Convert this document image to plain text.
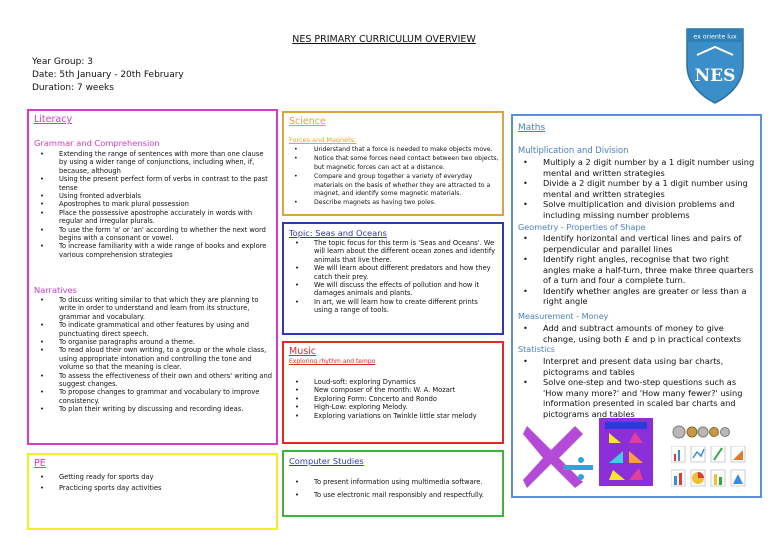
NES PRIMARY CURRICULUM OVERVIEW
Year Group: 3
Date: 5th January - 20th February
Duration: 7 weeks
ex oriente lux
NES
Literacy
Grammar and Comprehension
• Extending the range of sentences with more than one clause by using a wider range of conjunctions, including when, if, because, although
• Using the present perfect form of verbs in contrast to the past tense
• Using fronted adverbials
• Apostrophes to mark plural possession
• Place the possessive apostrophe accurately in words with regular and irregular plurals.
• To use the form 'a' or 'an' according to whether the next word begins with a consonant or vowel.
• To increase familiarity with a wide range of books and explore various comprehension strategies
Narratives
• To discuss writing similar to that which they are planning to write in order to understand and learn from its structure, grammar and vocabulary.
• To indicate grammatical and other features by using and punctuating direct speech.
• To organise paragraphs around a theme.
• To read aloud their own writing, to a group or the whole class, using appropriate intonation and controlling the tone and volume so that the meaning is clear.
• To assess the effectiveness of their own and others' writing and suggest changes.
• To propose changes to grammar and vocabulary to improve consistency.
• To plan their writing by discussing and recording ideas.
PE
• Getting ready for sports day
• Practicing sports day activities
Science
Forces and Magnets:
• Understand that a force is needed to make objects move.
• Notice that some forces need contact between two objects, but magnetic forces can act at a distance.
• Compare and group together a variety of everyday materials on the basis of whether they are attracted to a magnet, and identify some magnetic materials.
• Describe magnets as having two poles.
Topic: Seas and Oceans
• The topic focus for this term is 'Seas and Oceans'. We will learn about the different ocean zones and identify animals that live there.
• We will learn about different predators and how they catch their prey.
• We will discuss the effects of pollution and how it damages animals and plants.
• In art, we will learn how to create different prints using a range of tools.
Music
Exploring rhythm and tempo
• Loud-soft: exploring Dynamics
• New composer of the month: W. A. Mozart
• Exploring Form: Concerto and Rondo
• High-Low: exploring Melody.
• Exploring variations on Twinkle little star melody
Computer Studies
• To present information using multimedia software.
• To use electronic mail responsibly and respectfully.
Maths
Multiplication and Division
• Multiply a 2 digit number by a 1 digit number using mental and written strategies
• Divide a 2 digit number by a 1 digit number using mental and written strategies
• Solve multiplication and division problems and including missing number problems
Geometry - Properties of Shape
• Identify horizontal and vertical lines and pairs of perpendicular and parallel lines
• Identify right angles, recognise that two right angles make a half-turn, three make three quarters of a turn and four a complete turn.
• Identify whether angles are greater or less than a right angle
Measurement - Money
• Add and subtract amounts of money to give change, using both £ and p in practical contexts
Statistics
• Interpret and present data using bar charts, pictograms and tables
• Solve one-step and two-step questions such as 'How many more?' and 'How many fewer?' using information presented in scaled bar charts and pictograms and tables
